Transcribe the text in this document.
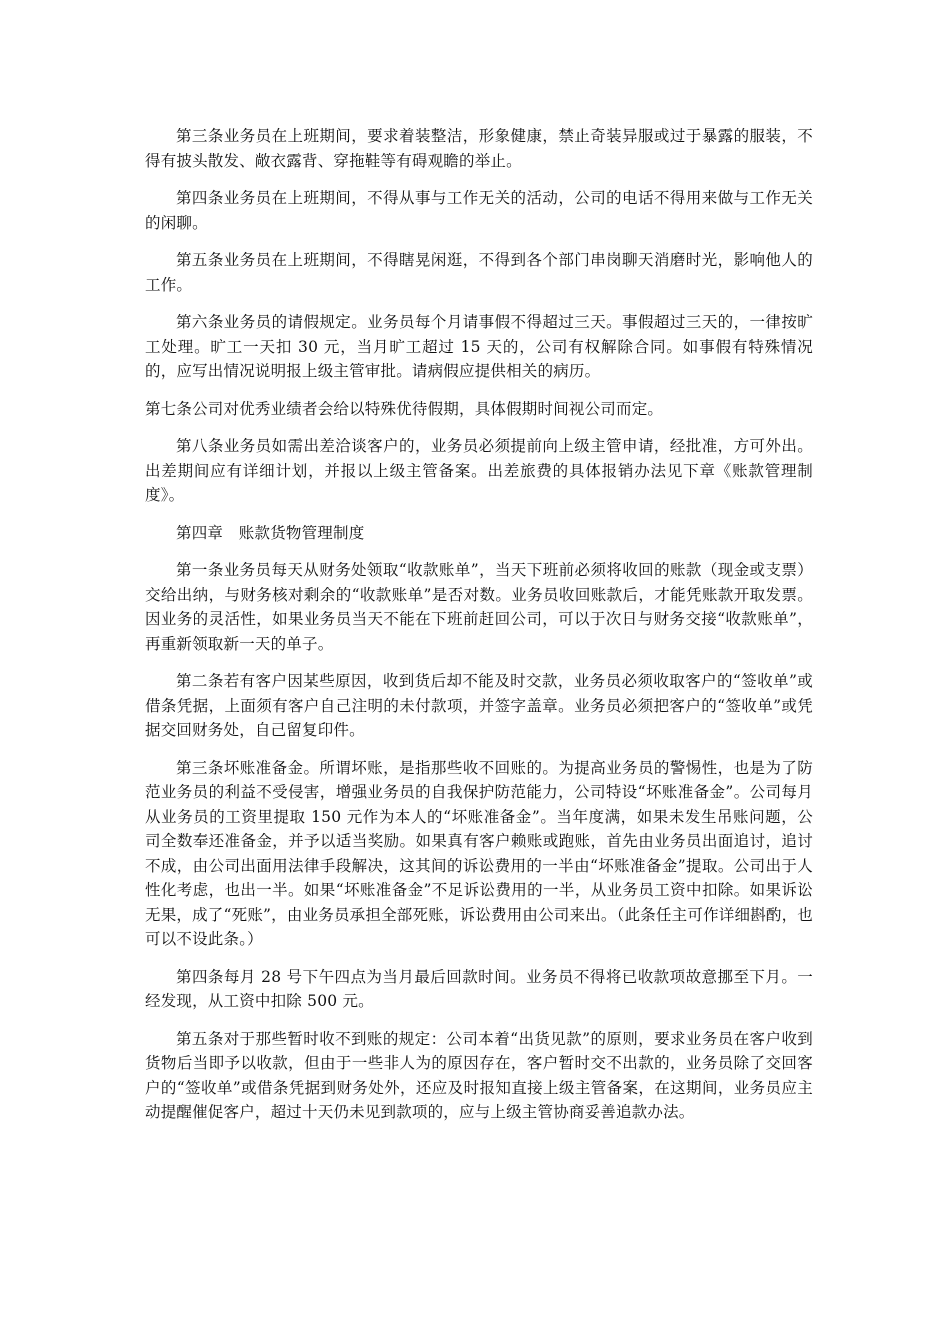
第三条业务员在上班期间，要求着装整洁，形象健康，禁止奇装异服或过于暴露的服装，不得有披头散发、敞衣露背、穿拖鞋等有碍观瞻的举止。

第四条业务员在上班期间，不得从事与工作无关的活动，公司的电话不得用来做与工作无关的闲聊。

第五条业务员在上班期间，不得瞎晃闲逛，不得到各个部门串岗聊天消磨时光，影响他人的工作。

第六条业务员的请假规定。业务员每个月请事假不得超过三天。事假超过三天的，一律按旷工处理。旷工一天扣 30 元，当月旷工超过 15 天的，公司有权解除合同。如事假有特殊情况的，应写出情况说明报上级主管审批。请病假应提供相关的病历。

第七条公司对优秀业绩者会给以特殊优待假期，具体假期时间视公司而定。

第八条业务员如需出差洽谈客户的，业务员必须提前向上级主管申请，经批准，方可外出。出差期间应有详细计划，并报以上级主管备案。出差旅费的具体报销办法见下章《账款管理制度》。

第四章　账款货物管理制度

第一条业务员每天从财务处领取“收款账单”，当天下班前必须将收回的账款（现金或支票）交给出纳，与财务核对剩余的“收款账单”是否对数。业务员收回账款后，才能凭账款开取发票。因业务的灵活性，如果业务员当天不能在下班前赶回公司，可以于次日与财务交接“收款账单”，再重新领取新一天的单子。

第二条若有客户因某些原因，收到货后却不能及时交款，业务员必须收取客户的“签收单”或借条凭据，上面须有客户自己注明的未付款项，并签字盖章。业务员必须把客户的“签收单”或凭据交回财务处，自己留复印件。

第三条坏账准备金。所谓坏账，是指那些收不回账的。为提高业务员的警惕性，也是为了防范业务员的利益不受侵害，增强业务员的自我保护防范能力，公司特设“坏账准备金”。公司每月从业务员的工资里提取 150 元作为本人的“坏账准备金”。当年度满，如果未发生吊账问题，公司全数奉还准备金，并予以适当奖励。如果真有客户赖账或跑账，首先由业务员出面追讨，追讨不成，由公司出面用法律手段解决，这其间的诉讼费用的一半由“坏账准备金”提取。公司出于人性化考虑，也出一半。如果“坏账准备金”不足诉讼费用的一半，从业务员工资中扣除。如果诉讼无果，成了“死账”，由业务员承担全部死账，诉讼费用由公司来出。（此条任主可作详细斟酌，也可以不设此条。）

第四条每月 28 号下午四点为当月最后回款时间。业务员不得将已收款项故意挪至下月。一经发现，从工资中扣除 500 元。

第五条对于那些暂时收不到账的规定：公司本着“出货见款”的原则，要求业务员在客户收到货物后当即予以收款，但由于一些非人为的原因存在，客户暂时交不出款的，业务员除了交回客户的“签收单”或借条凭据到财务处外，还应及时报知直接上级主管备案，在这期间，业务员应主动提醒催促客户，超过十天仍未见到款项的，应与上级主管协商妥善追款办法。
